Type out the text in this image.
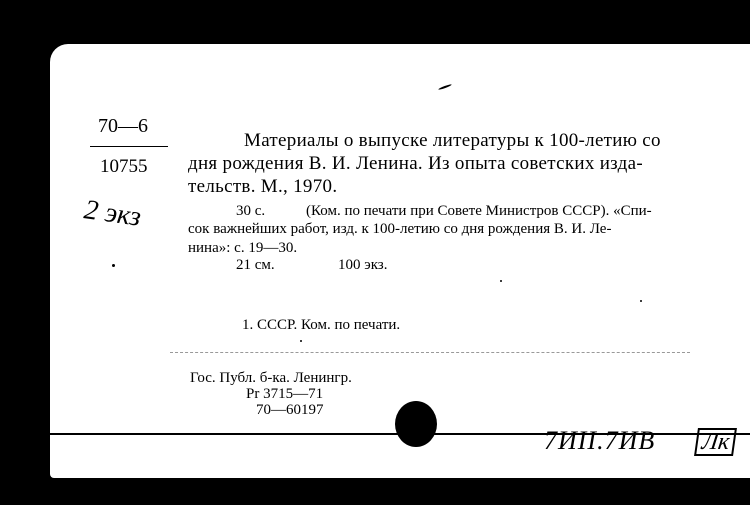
70—6
10755
2 экз
Материалы о выпуске литературы к 100-летию со
дня рождения В. И. Ленина. Из опыта советских изда-
тельств. М., 1970.
30 с.	(Ком. по печати при Совете Министров СССР). «Спи-
сок важнейших работ, изд. к 100-летию со дня рождения В. И. Ле-
нина»: с. 19—30.
21 см.	100 экз.
1. СССР. Ком. по печати.
Гос. Публ. б-ка. Ленингр.
Pr 3715—71
70—60197
7ИII.7ИВ Лк
